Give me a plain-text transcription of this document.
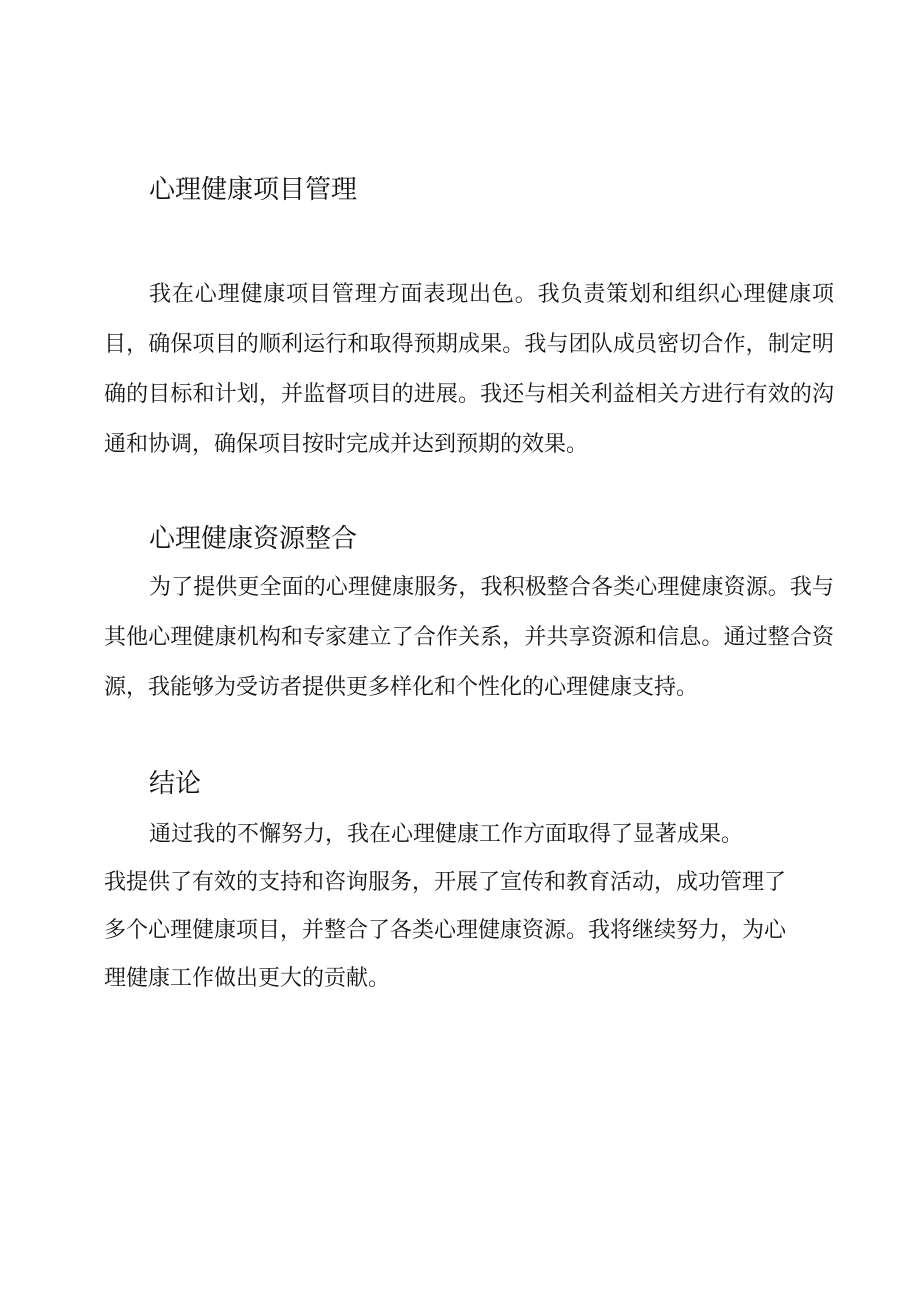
心理健康项目管理

我在心理健康项目管理方面表现出色。我负责策划和组织心理健康项目，确保项目的顺利运行和取得预期成果。我与团队成员密切合作，制定明确的目标和计划，并监督项目的进展。我还与相关利益相关方进行有效的沟通和协调，确保项目按时完成并达到预期的效果。

心理健康资源整合

为了提供更全面的心理健康服务，我积极整合各类心理健康资源。我与其他心理健康机构和专家建立了合作关系，并共享资源和信息。通过整合资源，我能够为受访者提供更多样化和个性化的心理健康支持。

结论

通过我的不懈努力，我在心理健康工作方面取得了显著成果。

我提供了有效的支持和咨询服务，开展了宣传和教育活动，成功管理了

多个心理健康项目，并整合了各类心理健康资源。我将继续努力，为心

理健康工作做出更大的贡献。
